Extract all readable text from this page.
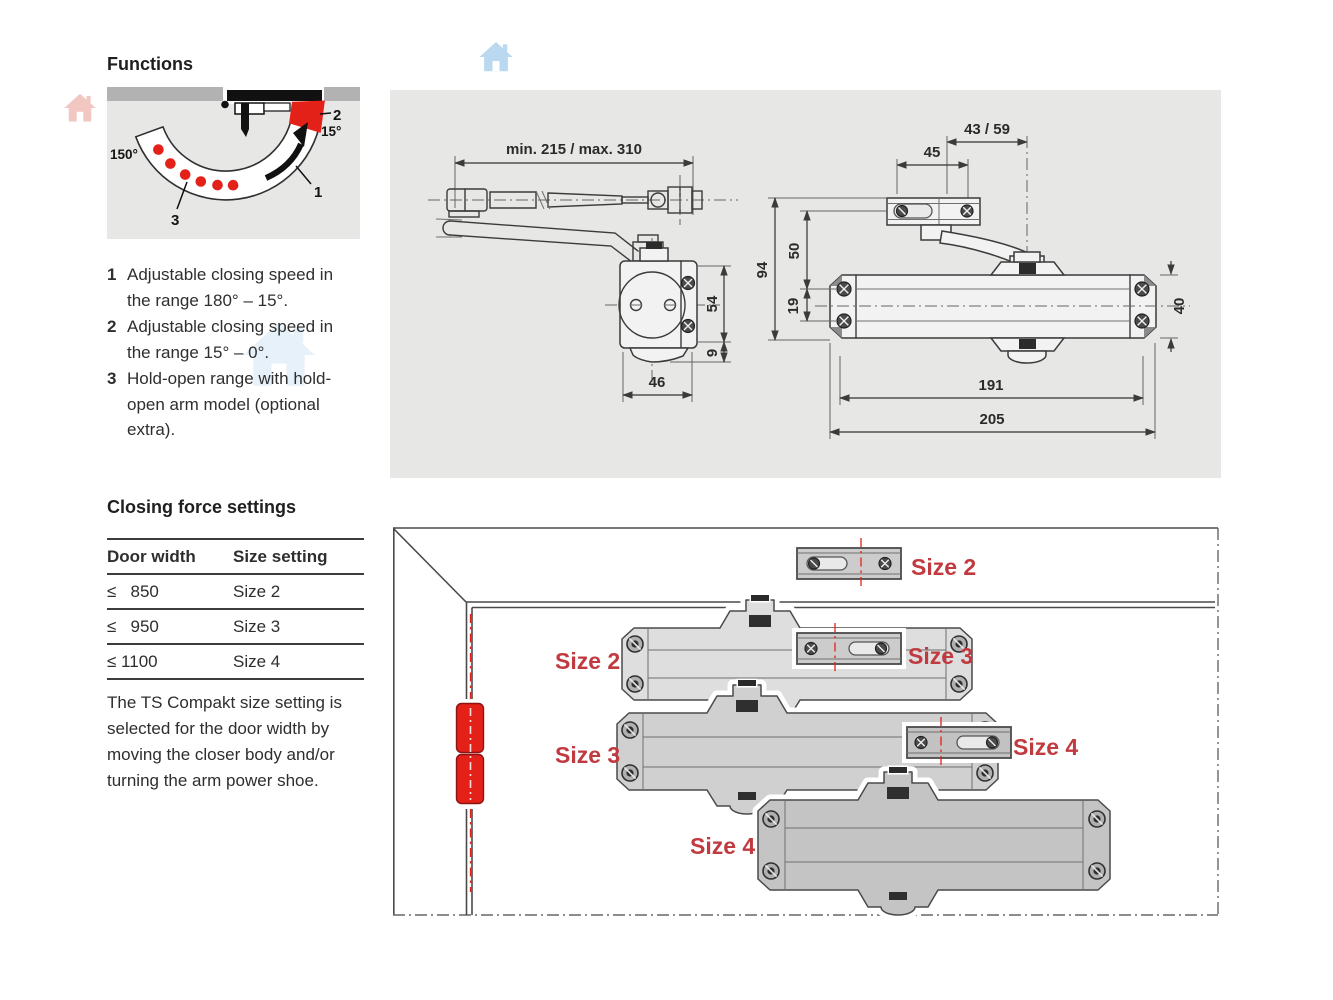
Functions
2
15°
150°
1
3
1 Adjustable closing speed in the range 180° – 15°.
2 Adjustable closing speed in the range 15° – 0°.
3 Hold-open range with hold-open arm model (optional extra).
Closing force settings
Door width	Size setting
≤   850	Size 2
≤   950	Size 3
≤ 1100	Size 4
The TS Compakt size setting is selected for the door width by moving the closer body and/or turning the arm power shoe.
min. 215 / max. 310
54
9
46
43 / 59
45
94
50
19	40
191
205
Size 2
Size 2	Size 3
Size 3	Size 4
Size 4
